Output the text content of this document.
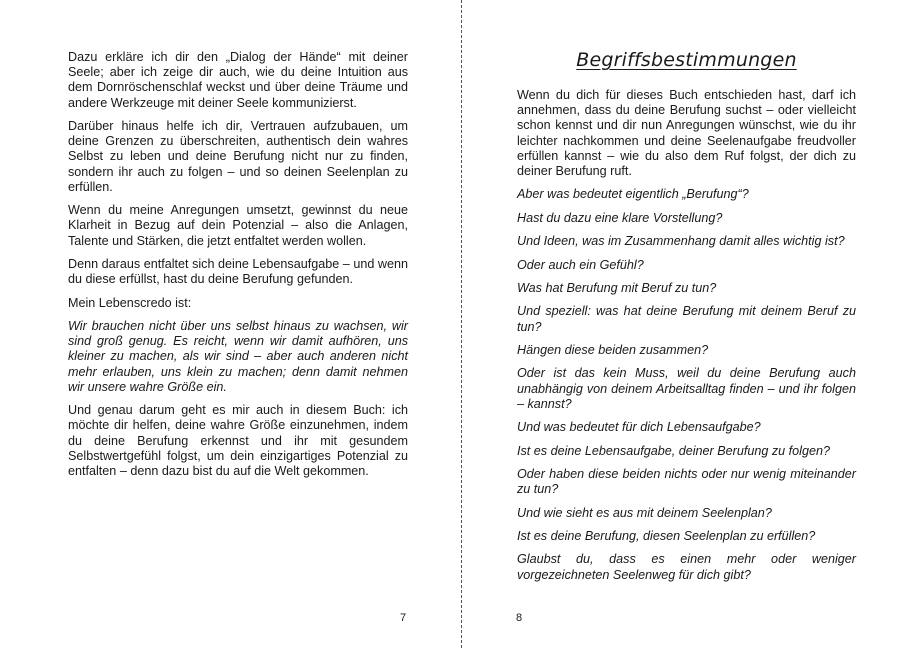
Dazu erkläre ich dir den „Dialog der Hände“ mit deiner Seele; aber ich zeige dir auch, wie du deine Intuition aus dem Dornröschenschlaf weckst und über deine Träume und andere Werkzeuge mit deiner Seele kommunizierst.

Darüber hinaus helfe ich dir, Vertrauen aufzubauen, um deine Grenzen zu überschreiten, authentisch dein wahres Selbst zu leben und deine Berufung nicht nur zu finden, sondern ihr auch zu folgen – und so deinen Seelenplan zu erfüllen.

Wenn du meine Anregungen umsetzt, gewinnst du neue Klarheit in Bezug auf dein Potenzial – also die Anlagen, Talente und Stärken, die jetzt entfaltet werden wollen.

Denn daraus entfaltet sich deine Lebensaufgabe – und wenn du diese erfüllst, hast du deine Berufung gefunden.

Mein Lebenscredo ist:

Wir brauchen nicht über uns selbst hinaus zu wachsen, wir sind groß genug. Es reicht, wenn wir damit aufhören, uns kleiner zu machen, als wir sind – aber auch anderen nicht mehr erlauben, uns klein zu machen; denn damit nehmen wir unsere wahre Größe ein.

Und genau darum geht es mir auch in diesem Buch: ich möchte dir helfen, deine wahre Größe einzunehmen, indem du deine Berufung erkennst und ihr mit gesundem Selbstwertgefühl folgst, um dein einzigartiges Potenzial zu entfalten – denn dazu bist du auf die Welt gekommen.

7
Begriffsbestimmungen

Wenn du dich für dieses Buch entschieden hast, darf ich annehmen, dass du deine Berufung suchst – oder vielleicht schon kennst und dir nun Anregungen wünschst, wie du ihr leichter nachkommen und deine Seelenaufgabe freudvoller erfüllen kannst – wie du also dem Ruf folgst, der dich zu deiner Berufung ruft.

Aber was bedeutet eigentlich „Berufung“?

Hast du dazu eine klare Vorstellung?

Und Ideen, was im Zusammenhang damit alles wichtig ist?

Oder auch ein Gefühl?

Was hat Berufung mit Beruf zu tun?

Und speziell: was hat deine Berufung mit deinem Beruf zu tun?

Hängen diese beiden zusammen?

Oder ist das kein Muss, weil du deine Berufung auch unabhängig von deinem Arbeitsalltag finden – und ihr folgen – kannst?

Und was bedeutet für dich Lebensaufgabe?

Ist es deine Lebensaufgabe, deiner Berufung zu folgen?

Oder haben diese beiden nichts oder nur wenig miteinander zu tun?

Und wie sieht es aus mit deinem Seelenplan?

Ist es deine Berufung, diesen Seelenplan zu erfüllen?

Glaubst du, dass es einen mehr oder weniger vorgezeichneten Seelenweg für dich gibt?

8
